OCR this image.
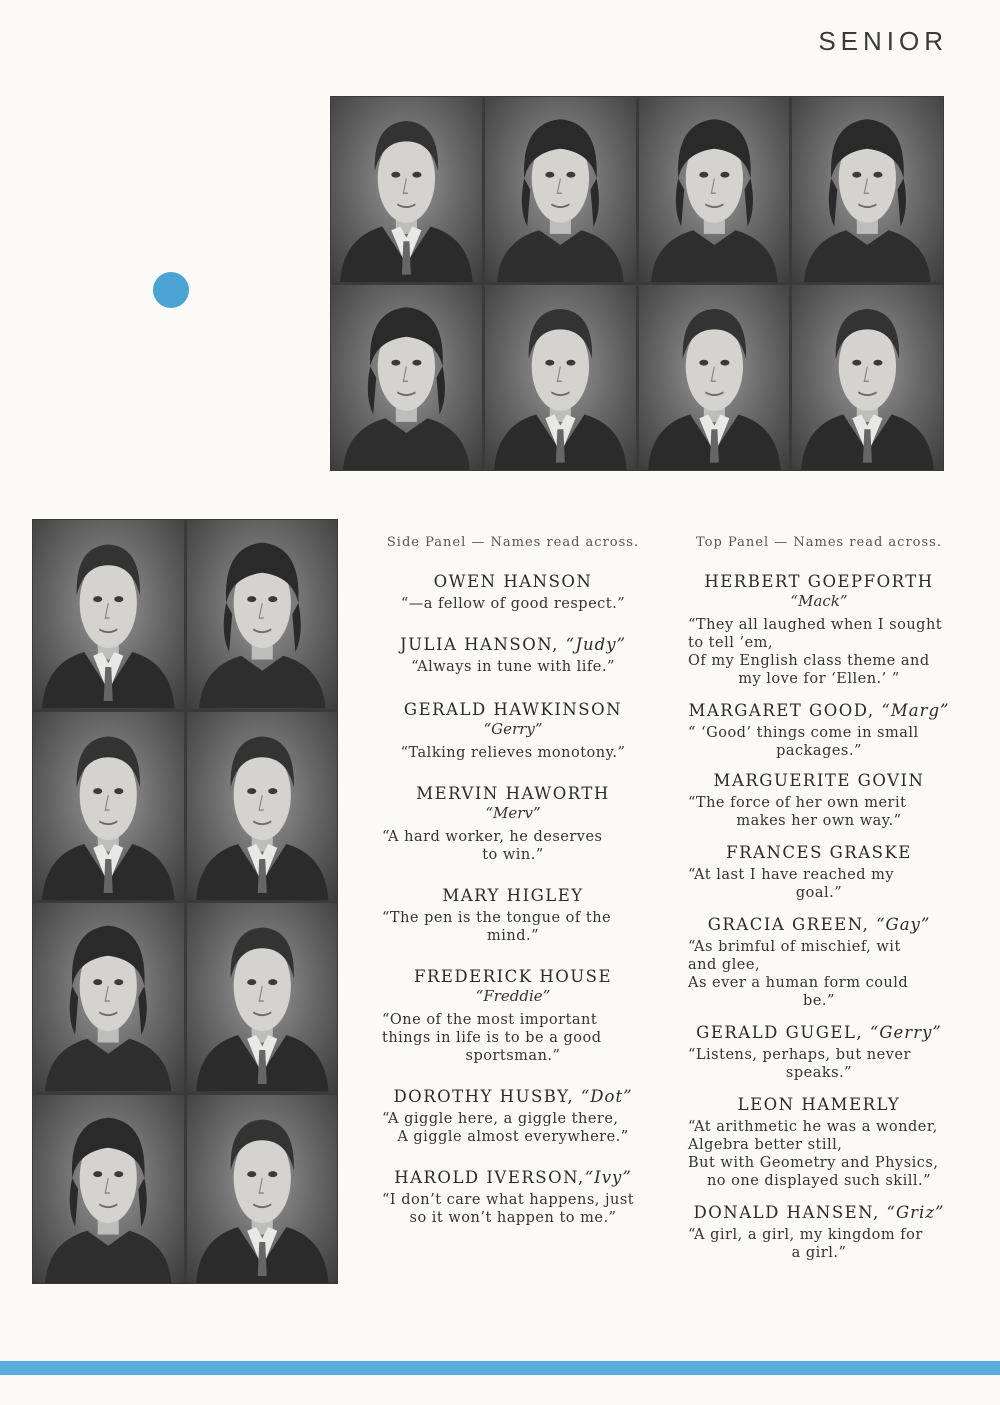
SENIOR
Side Panel — Names read across.
OWEN HANSON
“—a fellow of good respect.”
JULIA HANSON, “Judy”
“Always in tune with life.”
GERALD HAWKINSON
“Gerry”
“Talking relieves monotony.”
MERVIN HAWORTH
“Merv”
“A hard worker, he deserves
to win.”
MARY HIGLEY
“The pen is the tongue of the
mind.”
FREDERICK HOUSE
“Freddie”
“One of the most important
things in life is to be a good
sportsman.”
DOROTHY HUSBY, “Dot”
“A giggle here, a giggle there,
A giggle almost everywhere.”
HAROLD IVERSON,“Ivy”
“I don’t care what happens, just
so it won’t happen to me.”
Top Panel — Names read across.
HERBERT GOEPFORTH
“Mack”
“They all laughed when I sought
to tell ’em,
Of my English class theme and
my love for ‘Ellen.’ ”
MARGARET GOOD, “Marg”
“ ‘Good’ things come in small
packages.”
MARGUERITE GOVIN
“The force of her own merit
makes her own way.”
FRANCES GRASKE
“At last I have reached my
goal.”
GRACIA GREEN, “Gay”
“As brimful of mischief, wit
and glee,
As ever a human form could
be.”
GERALD GUGEL, “Gerry”
“Listens, perhaps, but never
speaks.”
LEON HAMERLY
“At arithmetic he was a wonder,
Algebra better still,
But with Geometry and Physics,
no one displayed such skill.”
DONALD HANSEN, “Griz”
“A girl, a girl, my kingdom for
a girl.”
